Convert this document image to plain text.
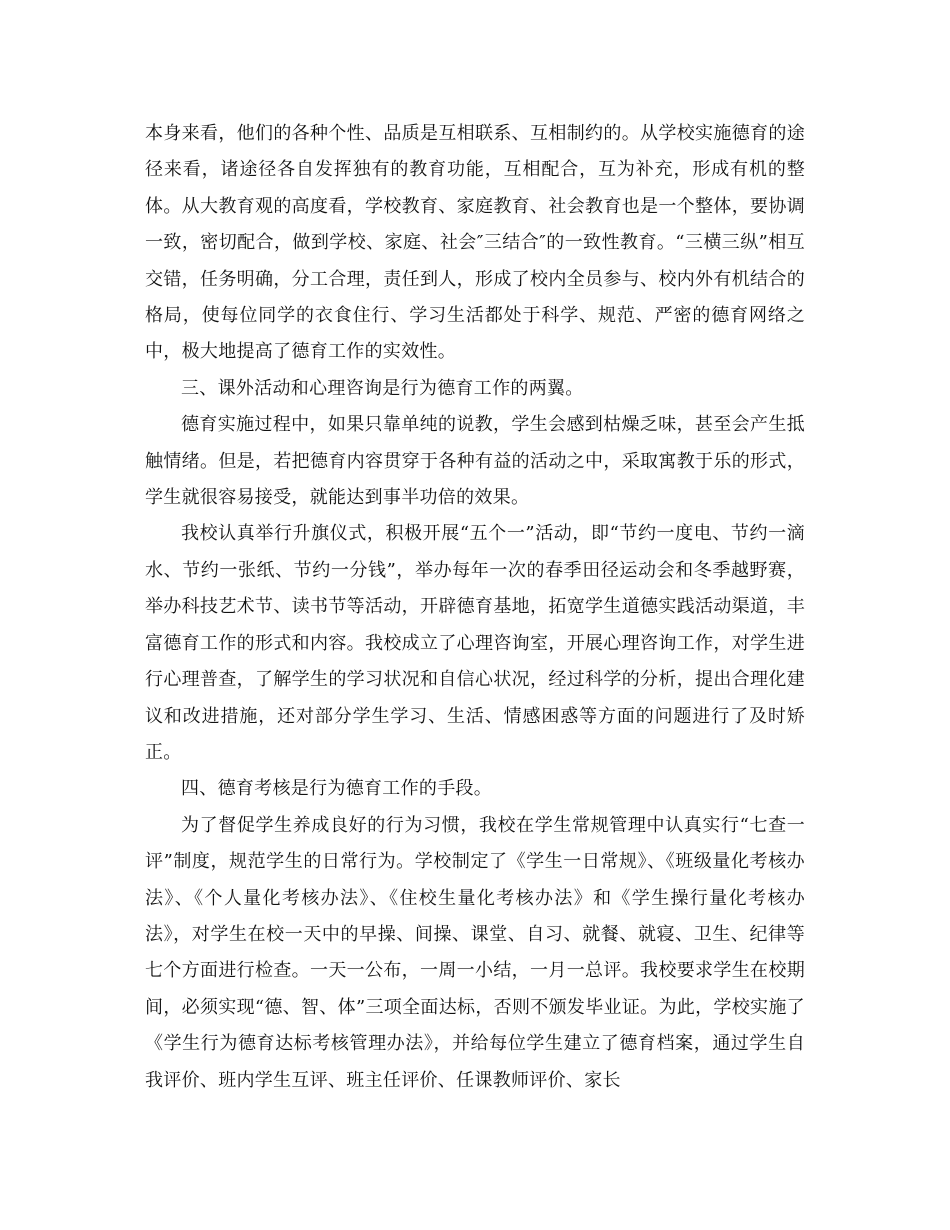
本身来看，他们的各种个性、品质是互相联系、互相制约的。从学校实施德育的途径来看，诸途径各自发挥独有的教育功能，互相配合，互为补充，形成有机的整体。从大教育观的高度看，学校教育、家庭教育、社会教育也是一个整体，要协调一致，密切配合，做到学校、家庭、社会″三结合″的一致性教育。“三横三纵”相互交错，任务明确，分工合理，责任到人，形成了校内全员参与、校内外有机结合的格局，使每位同学的衣食住行、学习生活都处于科学、规范、严密的德育网络之中，极大地提高了德育工作的实效性。

三、课外活动和心理咨询是行为德育工作的两翼。

德育实施过程中，如果只靠单纯的说教，学生会感到枯燥乏味，甚至会产生抵触情绪。但是，若把德育内容贯穿于各种有益的活动之中，采取寓教于乐的形式，学生就很容易接受，就能达到事半功倍的效果。

我校认真举行升旗仪式，积极开展“五个一”活动，即“节约一度电、节约一滴水、节约一张纸、节约一分钱”，举办每年一次的春季田径运动会和冬季越野赛，举办科技艺术节、读书节等活动，开辟德育基地，拓宽学生道德实践活动渠道，丰富德育工作的形式和内容。我校成立了心理咨询室，开展心理咨询工作，对学生进行心理普查，了解学生的学习状况和自信心状况，经过科学的分析，提出合理化建议和改进措施，还对部分学生学习、生活、情感困惑等方面的问题进行了及时矫正。

四、德育考核是行为德育工作的手段。

为了督促学生养成良好的行为习惯，我校在学生常规管理中认真实行“七查一评”制度，规范学生的日常行为。学校制定了《学生一日常规》、《班级量化考核办法》、《个人量化考核办法》、《住校生量化考核办法》和《学生操行量化考核办法》，对学生在校一天中的早操、间操、课堂、自习、就餐、就寝、卫生、纪律等七个方面进行检查。一天一公布，一周一小结，一月一总评。我校要求学生在校期间，必须实现“德、智、体”三项全面达标，否则不颁发毕业证。为此，学校实施了《学生行为德育达标考核管理办法》，并给每位学生建立了德育档案，通过学生自我评价、班内学生互评、班主任评价、任课教师评价、家长
